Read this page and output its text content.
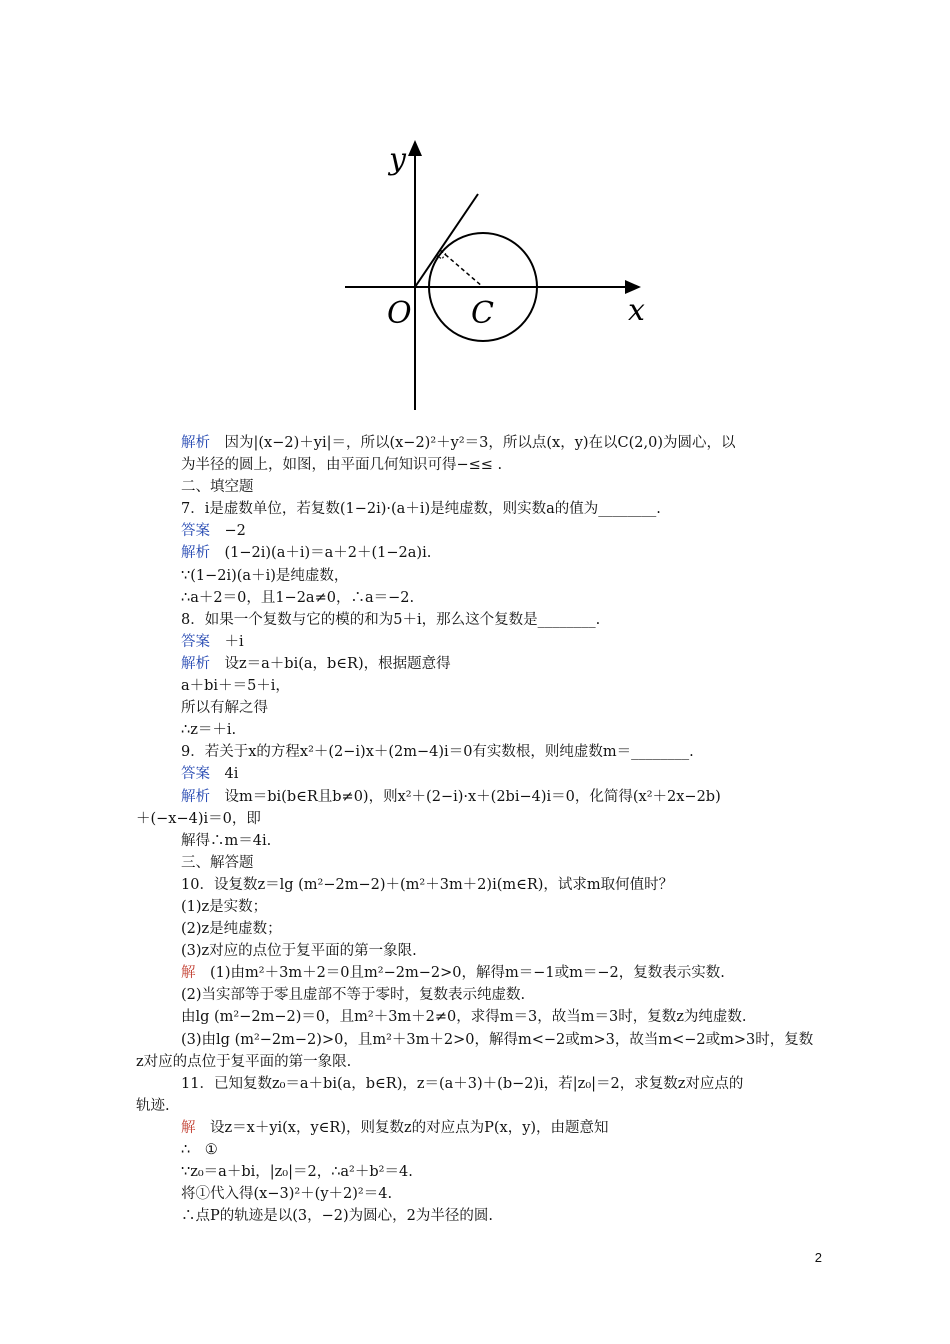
y
x
O C
解析　因为|(x−2)＋yi|＝，所以(x−2)²＋y²＝3，所以点(x，y)在以C(2,0)为圆心，以
为半径的圆上，如图，由平面几何知识可得−≤≤ .
二、填空题
7．i是虚数单位，若复数(1−2i)·(a＋i)是纯虚数，则实数a的值为________.
答案　−2
解析　(1−2i)(a＋i)＝a＋2＋(1−2a)i.
∵(1−2i)(a＋i)是纯虚数，
∴a＋2＝0，且1−2a≠0，∴a＝−2.
8．如果一个复数与它的模的和为5＋i，那么这个复数是________.
答案　＋i
解析　设z＝a＋bi(a，b∈R)，根据题意得
a＋bi＋＝5＋i，
所以有解之得
∴z＝＋i.
9．若关于x的方程x²＋(2−i)x＋(2m−4)i＝0有实数根，则纯虚数m＝________.
答案　4i
解析　设m＝bi(b∈R且b≠0)，则x²＋(2−i)·x＋(2bi−4)i＝0，化简得(x²＋2x−2b)
＋(−x−4)i＝0，即
解得∴m＝4i.
三、解答题
10．设复数z＝lg (m²−2m−2)＋(m²＋3m＋2)i(m∈R)，试求m取何值时？
(1)z是实数；
(2)z是纯虚数；
(3)z对应的点位于复平面的第一象限.
解　(1)由m²＋3m＋2＝0且m²−2m−2>0，解得m＝−1或m＝−2，复数表示实数.
(2)当实部等于零且虚部不等于零时，复数表示纯虚数.
由lg (m²−2m−2)＝0，且m²＋3m＋2≠0，求得m＝3，故当m＝3时，复数z为纯虚数.
(3)由lg (m²−2m−2)>0，且m²＋3m＋2>0，解得m<−2或m>3，故当m<−2或m>3时，复数
z对应的点位于复平面的第一象限.
11．已知复数z₀＝a＋bi(a，b∈R)，z＝(a＋3)＋(b−2)i，若|z₀|＝2，求复数z对应点的
轨迹.
解　设z＝x＋yi(x，y∈R)，则复数z的对应点为P(x，y)，由题意知
∴　①
∵z₀＝a＋bi，|z₀|＝2，∴a²＋b²＝4.
将①代入得(x−3)²＋(y＋2)²＝4.
∴点P的轨迹是以(3，−2)为圆心，2为半径的圆.
2
